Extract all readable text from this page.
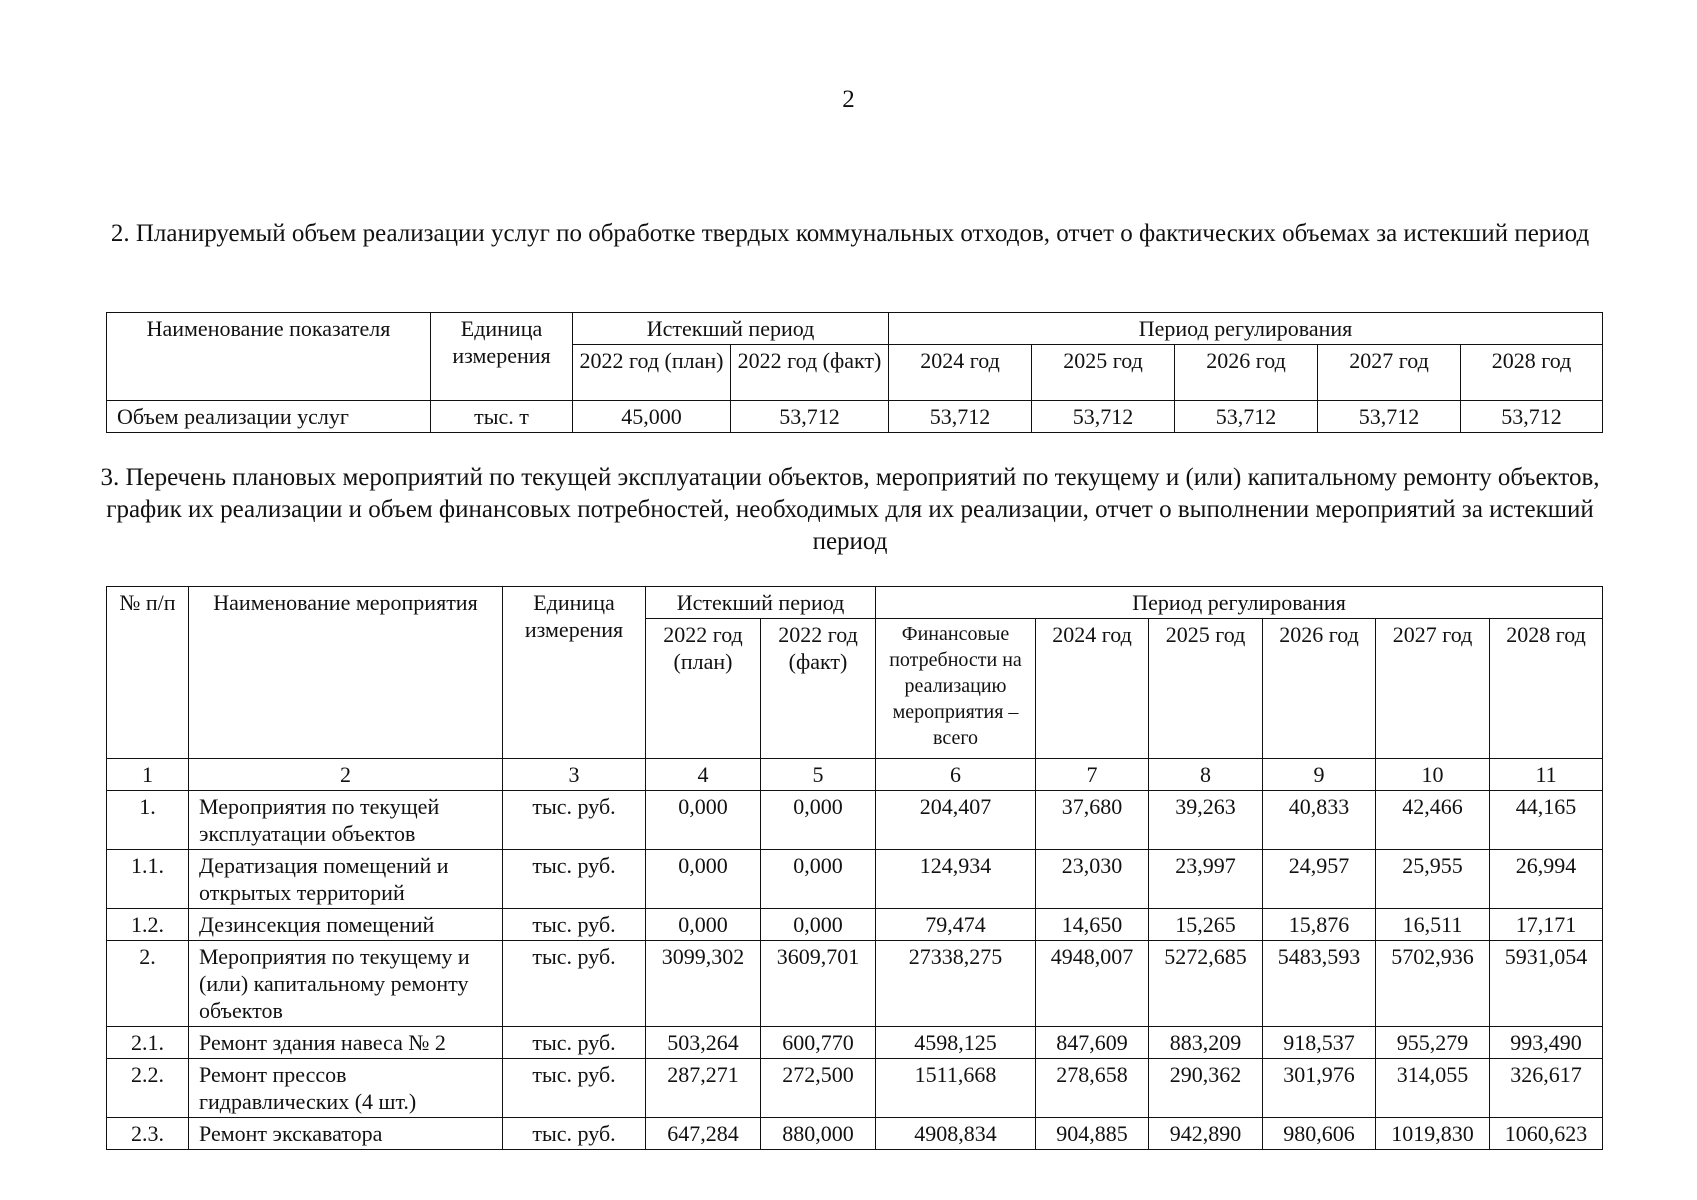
2
2. Планируемый объем реализации услуг по обработке твердых коммунальных отходов, отчет о фактических объемах за истекший период
Наименование показателя	Единица измерения	Истекший период		Период регулирования				
		2022 год (план)	2022 год (факт)	2024 год	2025 год	2026 год	2027 год	2028 год
Объем реализации услуг	тыс. т	45,000	53,712	53,712	53,712	53,712	53,712	53,712
3. Перечень плановых мероприятий по текущей эксплуатации объектов, мероприятий по текущему и (или) капитальному ремонту объектов, график их реализации и объем финансовых потребностей, необходимых для их реализации, отчет о выполнении мероприятий за истекший период
№ п/п	Наименование мероприятия	Единица измерения	Истекший период		Период регулирования					
			2022 год (план)	2022 год (факт)	Финансовые потребности на реализацию мероприятия – всего	2024 год	2025 год	2026 год	2027 год	2028 год
1	2	3	4	5	6	7	8	9	10	11
1.	Мероприятия по текущей эксплуатации объектов	тыс. руб.	0,000	0,000	204,407	37,680	39,263	40,833	42,466	44,165
1.1.	Дератизация помещений и открытых территорий	тыс. руб.	0,000	0,000	124,934	23,030	23,997	24,957	25,955	26,994
1.2.	Дезинсекция помещений	тыс. руб.	0,000	0,000	79,474	14,650	15,265	15,876	16,511	17,171
2.	Мероприятия по текущему и (или) капитальному ремонту объектов	тыс. руб.	3099,302	3609,701	27338,275	4948,007	5272,685	5483,593	5702,936	5931,054
2.1.	Ремонт здания навеса № 2	тыс. руб.	503,264	600,770	4598,125	847,609	883,209	918,537	955,279	993,490
2.2.	Ремонт прессов гидравлических (4 шт.)	тыс. руб.	287,271	272,500	1511,668	278,658	290,362	301,976	314,055	326,617
2.3.	Ремонт экскаватора	тыс. руб.	647,284	880,000	4908,834	904,885	942,890	980,606	1019,830	1060,623
